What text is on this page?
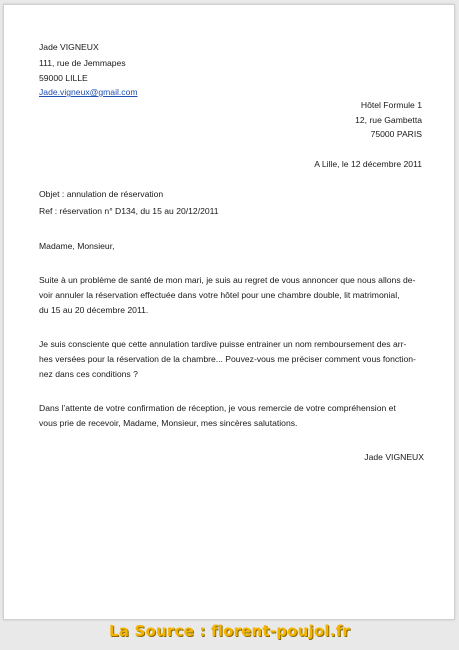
Jade VIGNEUX
111, rue de Jemmapes
59000 LILLE
Jade.vigneux@gmail.com
Hôtel Formule 1
12, rue Gambetta
75000 PARIS
A Lille, le 12 décembre 2011
Objet : annulation de réservation
Ref : réservation n° D134, du 15 au 20/12/2011
Madame, Monsieur,
Suite à un problème de santé de mon mari, je suis au regret de vous annoncer que nous allons de-
voir annuler la réservation effectuée dans votre hôtel pour une chambre double, lit matrimonial,
du 15 au 20 décembre 2011.
Je suis consciente que cette annulation tardive puisse entrainer un nom remboursement des arr-
hes versées pour la réservation de la chambre... Pouvez-vous me préciser comment vous fonction-
nez dans ces conditions ?
Dans l’attente de votre confirmation de réception, je vous remercie de votre compréhension et
vous prie de recevoir, Madame, Monsieur, mes sincères salutations.
Jade VIGNEUX
La Source : florent-poujol.fr
